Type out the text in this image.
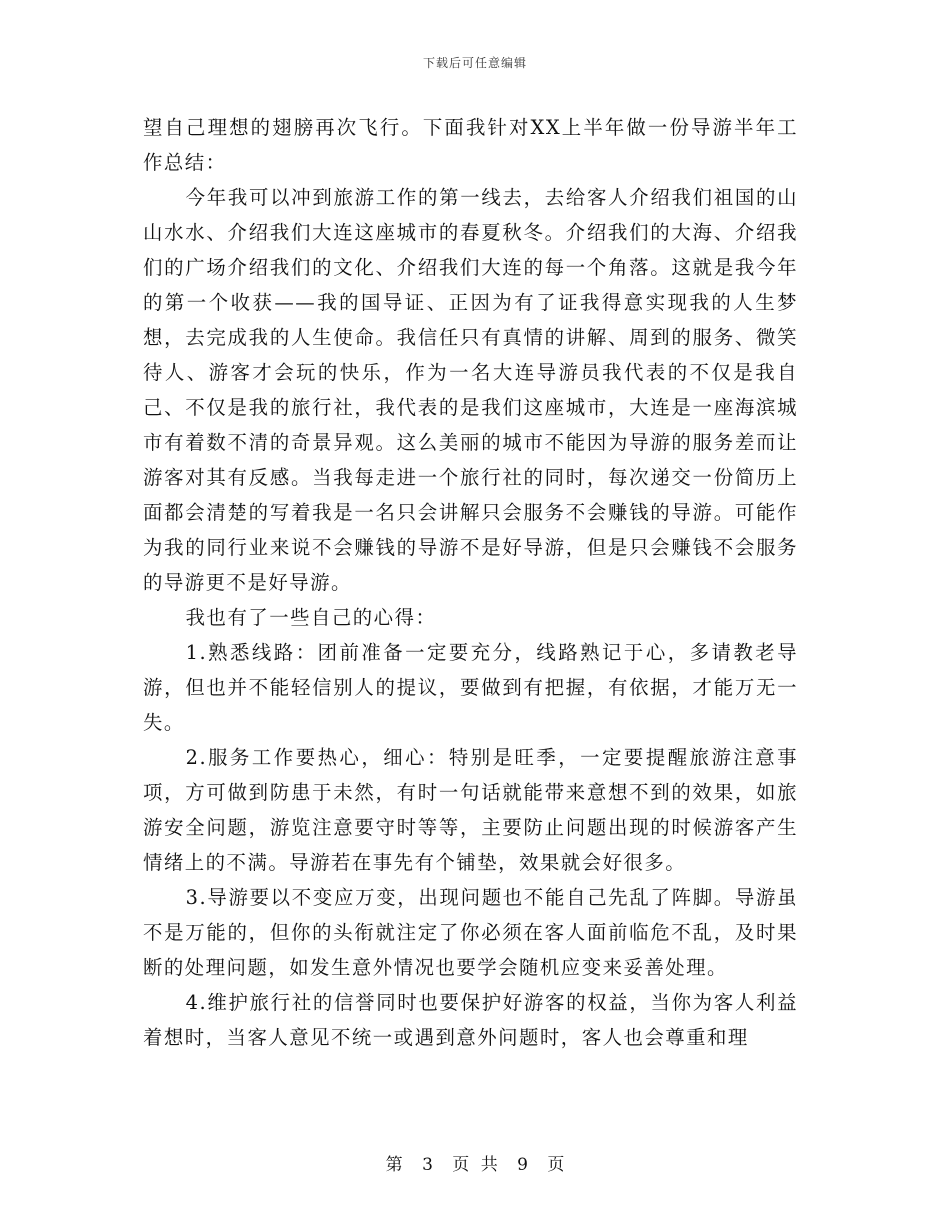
下载后可任意编辑

望自己理想的翅膀再次飞行。下面我针对XX上半年做一份导游半年工作总结：

今年我可以冲到旅游工作的第一线去，去给客人介绍我们祖国的山山水水、介绍我们大连这座城市的春夏秋冬。介绍我们的大海、介绍我们的广场介绍我们的文化、介绍我们大连的每一个角落。这就是我今年的第一个收获——我的国导证、正因为有了证我得意实现我的人生梦想，去完成我的人生使命。我信任只有真情的讲解、周到的服务、微笑待人、游客才会玩的快乐，作为一名大连导游员我代表的不仅是我自己、不仅是我的旅行社，我代表的是我们这座城市，大连是一座海滨城市有着数不清的奇景异观。这么美丽的城市不能因为导游的服务差而让游客对其有反感。当我每走进一个旅行社的同时，每次递交一份简历上面都会清楚的写着我是一名只会讲解只会服务不会赚钱的导游。可能作为我的同行业来说不会赚钱的导游不是好导游，但是只会赚钱不会服务的导游更不是好导游。

我也有了一些自己的心得：

1.熟悉线路：团前准备一定要充分，线路熟记于心，多请教老导游，但也并不能轻信别人的提议，要做到有把握，有依据，才能万无一失。

2.服务工作要热心，细心：特别是旺季，一定要提醒旅游注意事项，方可做到防患于未然，有时一句话就能带来意想不到的效果，如旅游安全问题，游览注意要守时等等，主要防止问题出现的时候游客产生情绪上的不满。导游若在事先有个铺垫，效果就会好很多。

3.导游要以不变应万变，出现问题也不能自己先乱了阵脚。导游虽不是万能的，但你的头衔就注定了你必须在客人面前临危不乱，及时果断的处理问题，如发生意外情况也要学会随机应变来妥善处理。

4.维护旅行社的信誉同时也要保护好游客的权益，当你为客人利益着想时，当客人意见不统一或遇到意外问题时，客人也会尊重和理

第 3 页 共 9 页
